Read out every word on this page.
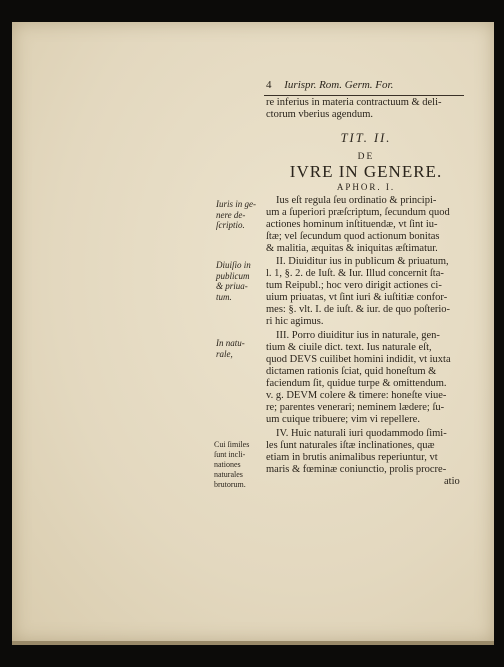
4 Iurispr. Rom. Germ. For.
re inferius in materia contractuum & deli-
ctorum vberius agendum.
TIT. II.
DE
IVRE IN GENERE.
APHOR. I.
Ius eſt regula ſeu ordinatio & principi-
um a ſuperiori præſcriptum, ſecundum quod
actiones hominum inſtituendæ, vt ſint iu-
ſtæ; vel ſecundum quod actionum bonitas
& malitia, æquitas & iniquitas æſtimatur.
II. Diuiditur ius in publicum & priuatum,
l. 1, §. 2. de Iuſt. & Iur. Illud concernit ſta-
tum Reipubl.; hoc vero dirigit actiones ci-
uium priuatas, vt ſint iuri & iuſtitiæ confor-
mes: §. vlt. I. de iuſt. & iur. de quo poſterio-
ri hic agimus.
III. Porro diuiditur ius in naturale, gen-
tium & ciuile dict. text. Ius naturale eſt,
quod DEVS cuilibet homini indidit, vt iuxta
dictamen rationis ſciat, quid honeſtum &
faciendum ſit, quidue turpe & omittendum.
v. g. DEVM colere & timere: honeſte viue-
re; parentes venerari; neminem lædere; ſu-
um cuique tribuere; vim vi repellere.
IV. Huic naturali iuri quodammodo ſimi-
les ſunt naturales iſtæ inclinationes, quæ
etiam in brutis animalibus reperiuntur, vt
maris & fœminæ coniunctio, prolis procre-
atio
Iuris in ge-
nere de-
ſcriptio.
Diuiſio in
publicum
& priua-
tum.
In natu-
rale,
Cui ſimiles
ſunt incli-
nationes
naturales
brutorum.
